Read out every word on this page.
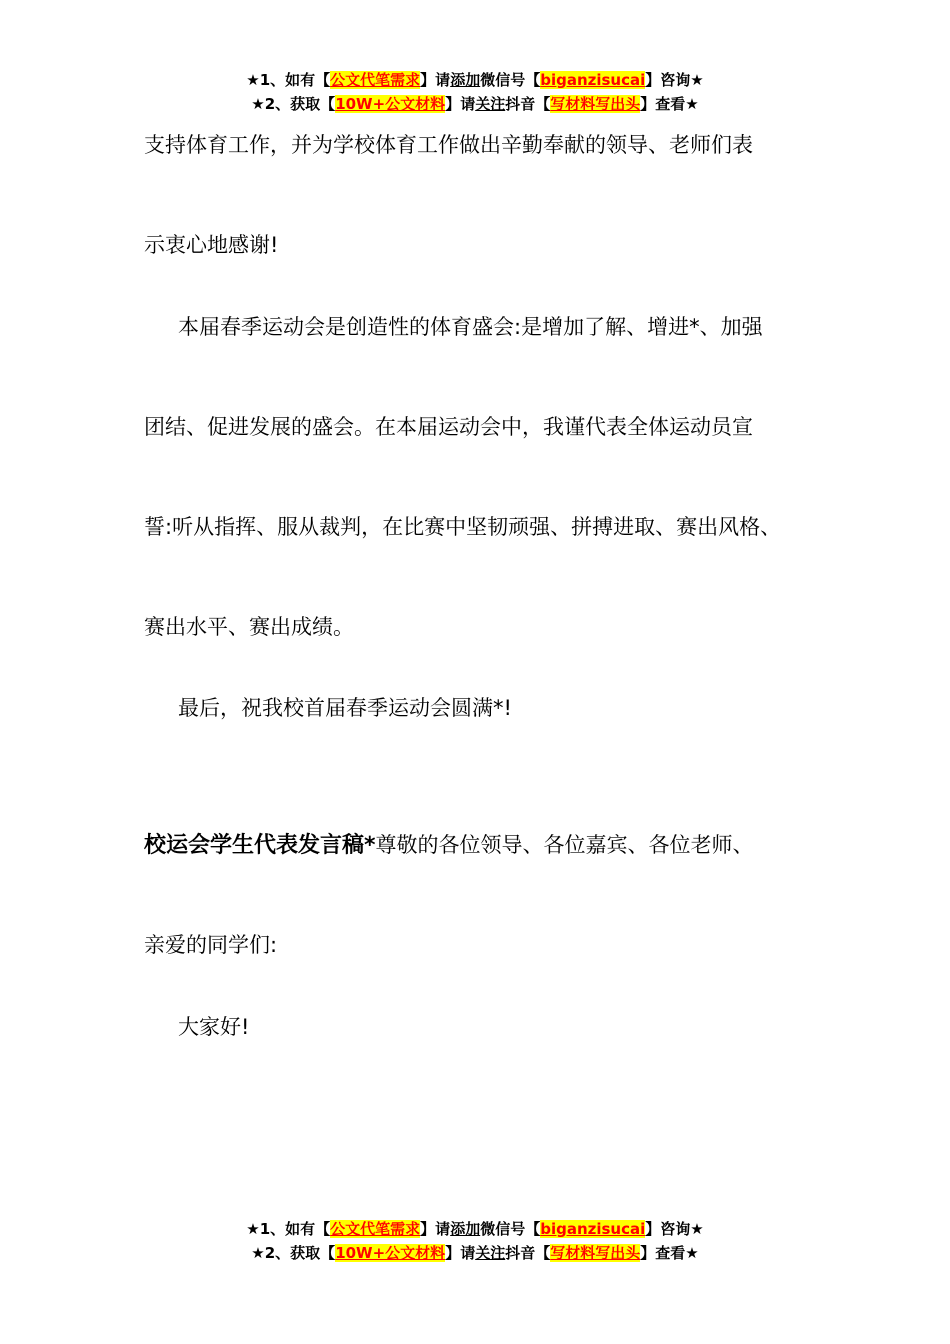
★1、如有【公文代笔需求】请添加微信号【biganzisucai】咨询★
★2、获取【10W+公文材料】请关注抖音【写材料写出头】查看★
支持体育工作，并为学校体育工作做出辛勤奉献的领导、老师们表
示衷心地感谢!
本届春季运动会是创造性的体育盛会:是增加了解、增进*、加强
团结、促进发展的盛会。在本届运动会中，我谨代表全体运动员宣
誓:听从指挥、服从裁判，在比赛中坚韧顽强、拼搏进取、赛出风格、
赛出水平、赛出成绩。
最后，祝我校首届春季运动会圆满*!
校运会学生代表发言稿*尊敬的各位领导、各位嘉宾、各位老师、
亲爱的同学们:
大家好!
★1、如有【公文代笔需求】请添加微信号【biganzisucai】咨询★
★2、获取【10W+公文材料】请关注抖音【写材料写出头】查看★
